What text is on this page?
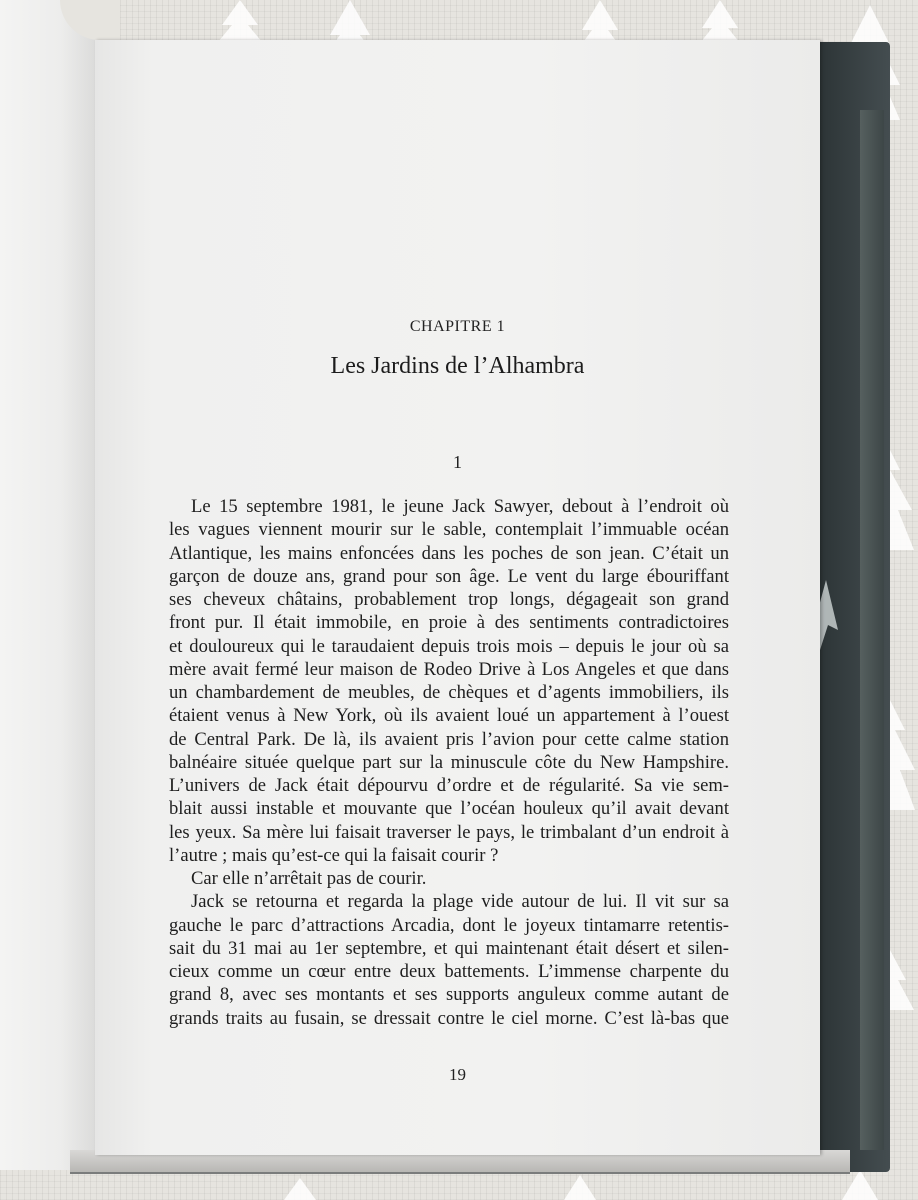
CHAPITRE 1
Les Jardins de l’Alhambra
1
Le 15 septembre 1981, le jeune Jack Sawyer, debout à l’endroit où
les vagues viennent mourir sur le sable, contemplait l’immuable océan
Atlantique, les mains enfoncées dans les poches de son jean. C’était un
garçon de douze ans, grand pour son âge. Le vent du large ébouriffant
ses cheveux châtains, probablement trop longs, dégageait son grand
front pur. Il était immobile, en proie à des sentiments contradictoires
et douloureux qui le taraudaient depuis trois mois – depuis le jour où sa
mère avait fermé leur maison de Rodeo Drive à Los Angeles et que dans
un chambardement de meubles, de chèques et d’agents immobiliers, ils
étaient venus à New York, où ils avaient loué un appartement à l’ouest
de Central Park. De là, ils avaient pris l’avion pour cette calme station
balnéaire située quelque part sur la minuscule côte du New Hampshire.
L’univers de Jack était dépourvu d’ordre et de régularité. Sa vie sem-
blait aussi instable et mouvante que l’océan houleux qu’il avait devant
les yeux. Sa mère lui faisait traverser le pays, le trimbalant d’un endroit à
l’autre ; mais qu’est-ce qui la faisait courir ?
Car elle n’arrêtait pas de courir.
Jack se retourna et regarda la plage vide autour de lui. Il vit sur sa
gauche le parc d’attractions Arcadia, dont le joyeux tintamarre retentis-
sait du 31 mai au 1er septembre, et qui maintenant était désert et silen-
cieux comme un cœur entre deux battements. L’immense charpente du
grand 8, avec ses montants et ses supports anguleux comme autant de
grands traits au fusain, se dressait contre le ciel morne. C’est là-bas que
19
